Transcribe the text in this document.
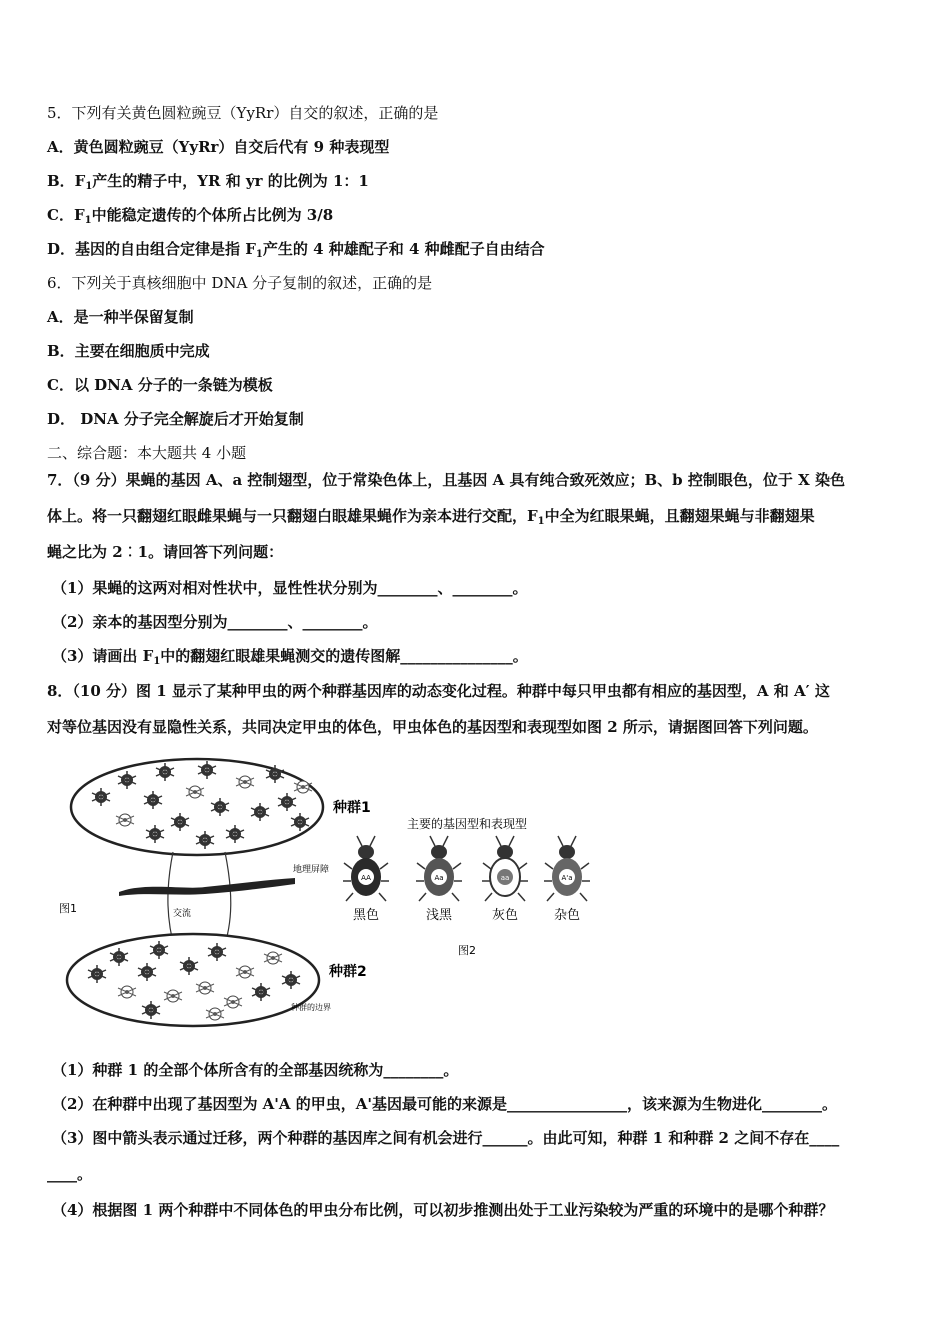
5．下列有关黄色圆粒豌豆（YyRr）自交的叙述，正确的是
A．黄色圆粒豌豆（YyRr）自交后代有 9 种表现型
B．$F_1$产生的精子中，YR 和 yr 的比例为 1：1
C．$F_1$中能稳定遗传的个体所占比例为 3/8
D．基因的自由组合定律是指 $F_1$产生的 4 种雄配子和 4 种雌配子自由结合
6．下列关于真核细胞中 DNA 分子复制的叙述，正确的是
A．是一种半保留复制
B．主要在细胞质中完成
C．以 DNA 分子的一条链为模板
D． DNA 分子完全解旋后才开始复制
二、综合题：本大题共 4 小题
7．（9 分）果蝇的基因 A、a 控制翅型，位于常染色体上，且基因 A 具有纯合致死效应；B、b 控制眼色，位于 X 染色
体上。将一只翻翅红眼雌果蝇与一只翻翅白眼雄果蝇作为亲本进行交配，$F_1$中全为红眼果蝇，且翻翅果蝇与非翻翅果
蝇之比为 2︰1。请回答下列问题：
（1）果蝇的这两对相对性状中，显性性状分别为________、________。
（2）亲本的基因型分别为________、________。
（3）请画出 $F_1$中的翻翅红眼雄果蝇测交的遗传图解_______________。
8．（10 分）图 1 显示了某种甲虫的两个种群基因库的动态变化过程。种群中每只甲虫都有相应的基因型，A 和 A′ 这
对等位基因没有显隐性关系，共同决定甲虫的体色，甲虫体色的基因型和表现型如图 2 所示，请据图回答下列问题。
种群1
地理屏障
交流
图1
种群2
种群的边界
主要的基因型和表现型
AA
黑色
Aa
浅黑
aa
灰色
A'a
杂色
图2
（1）种群 1 的全部个体所含有的全部基因统称为________。
（2）在种群中出现了基因型为 A'A 的甲虫，A'基因最可能的来源是________________，该来源为生物进化________。
（3）图中箭头表示通过迁移，两个种群的基因库之间有机会进行______。由此可知，种群 1 和种群 2 之间不存在____
____。
（4）根据图 1 两个种群中不同体色的甲虫分布比例，可以初步推测出处于工业污染较为严重的环境中的是哪个种群？
